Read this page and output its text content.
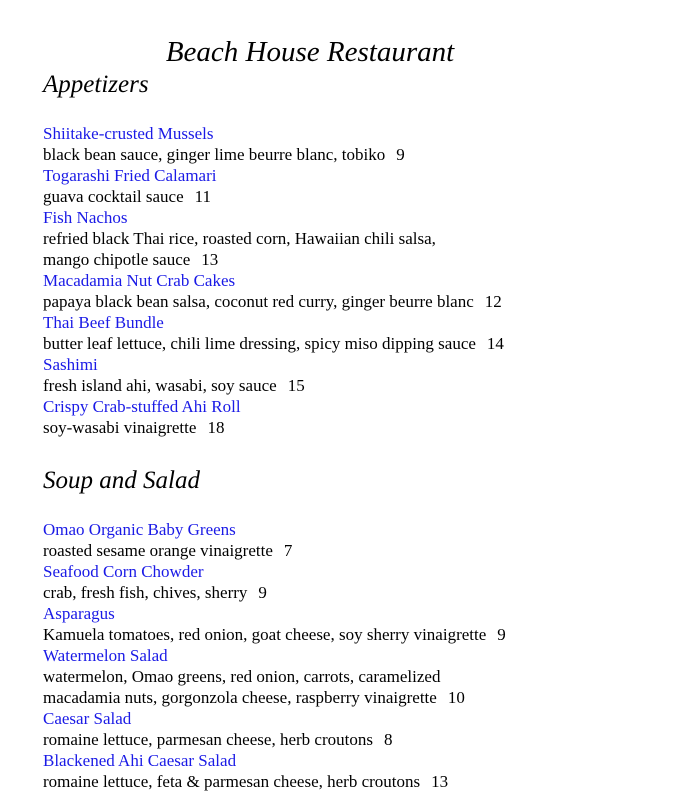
Beach House Restaurant
Appetizers
Shiitake-crusted Mussels
black bean sauce, ginger lime beurre blanc, tobiko 9
Togarashi Fried Calamari
guava cocktail sauce 11
Fish Nachos
refried black Thai rice, roasted corn, Hawaiian chili salsa,
mango chipotle sauce 13
Macadamia Nut Crab Cakes
papaya black bean salsa, coconut red curry, ginger beurre blanc 12
Thai Beef Bundle
butter leaf lettuce, chili lime dressing, spicy miso dipping sauce 14
Sashimi
fresh island ahi, wasabi, soy sauce 15
Crispy Crab-stuffed Ahi Roll
soy-wasabi vinaigrette 18
Soup and Salad
Omao Organic Baby Greens
roasted sesame orange vinaigrette 7
Seafood Corn Chowder
crab, fresh fish, chives, sherry 9
Asparagus
Kamuela tomatoes, red onion, goat cheese, soy sherry vinaigrette 9
Watermelon Salad
watermelon, Omao greens, red onion, carrots, caramelized
macadamia nuts, gorgonzola cheese, raspberry vinaigrette 10
Caesar Salad
romaine lettuce, parmesan cheese, herb croutons 8
Blackened Ahi Caesar Salad
romaine lettuce, feta & parmesan cheese, herb croutons 13
